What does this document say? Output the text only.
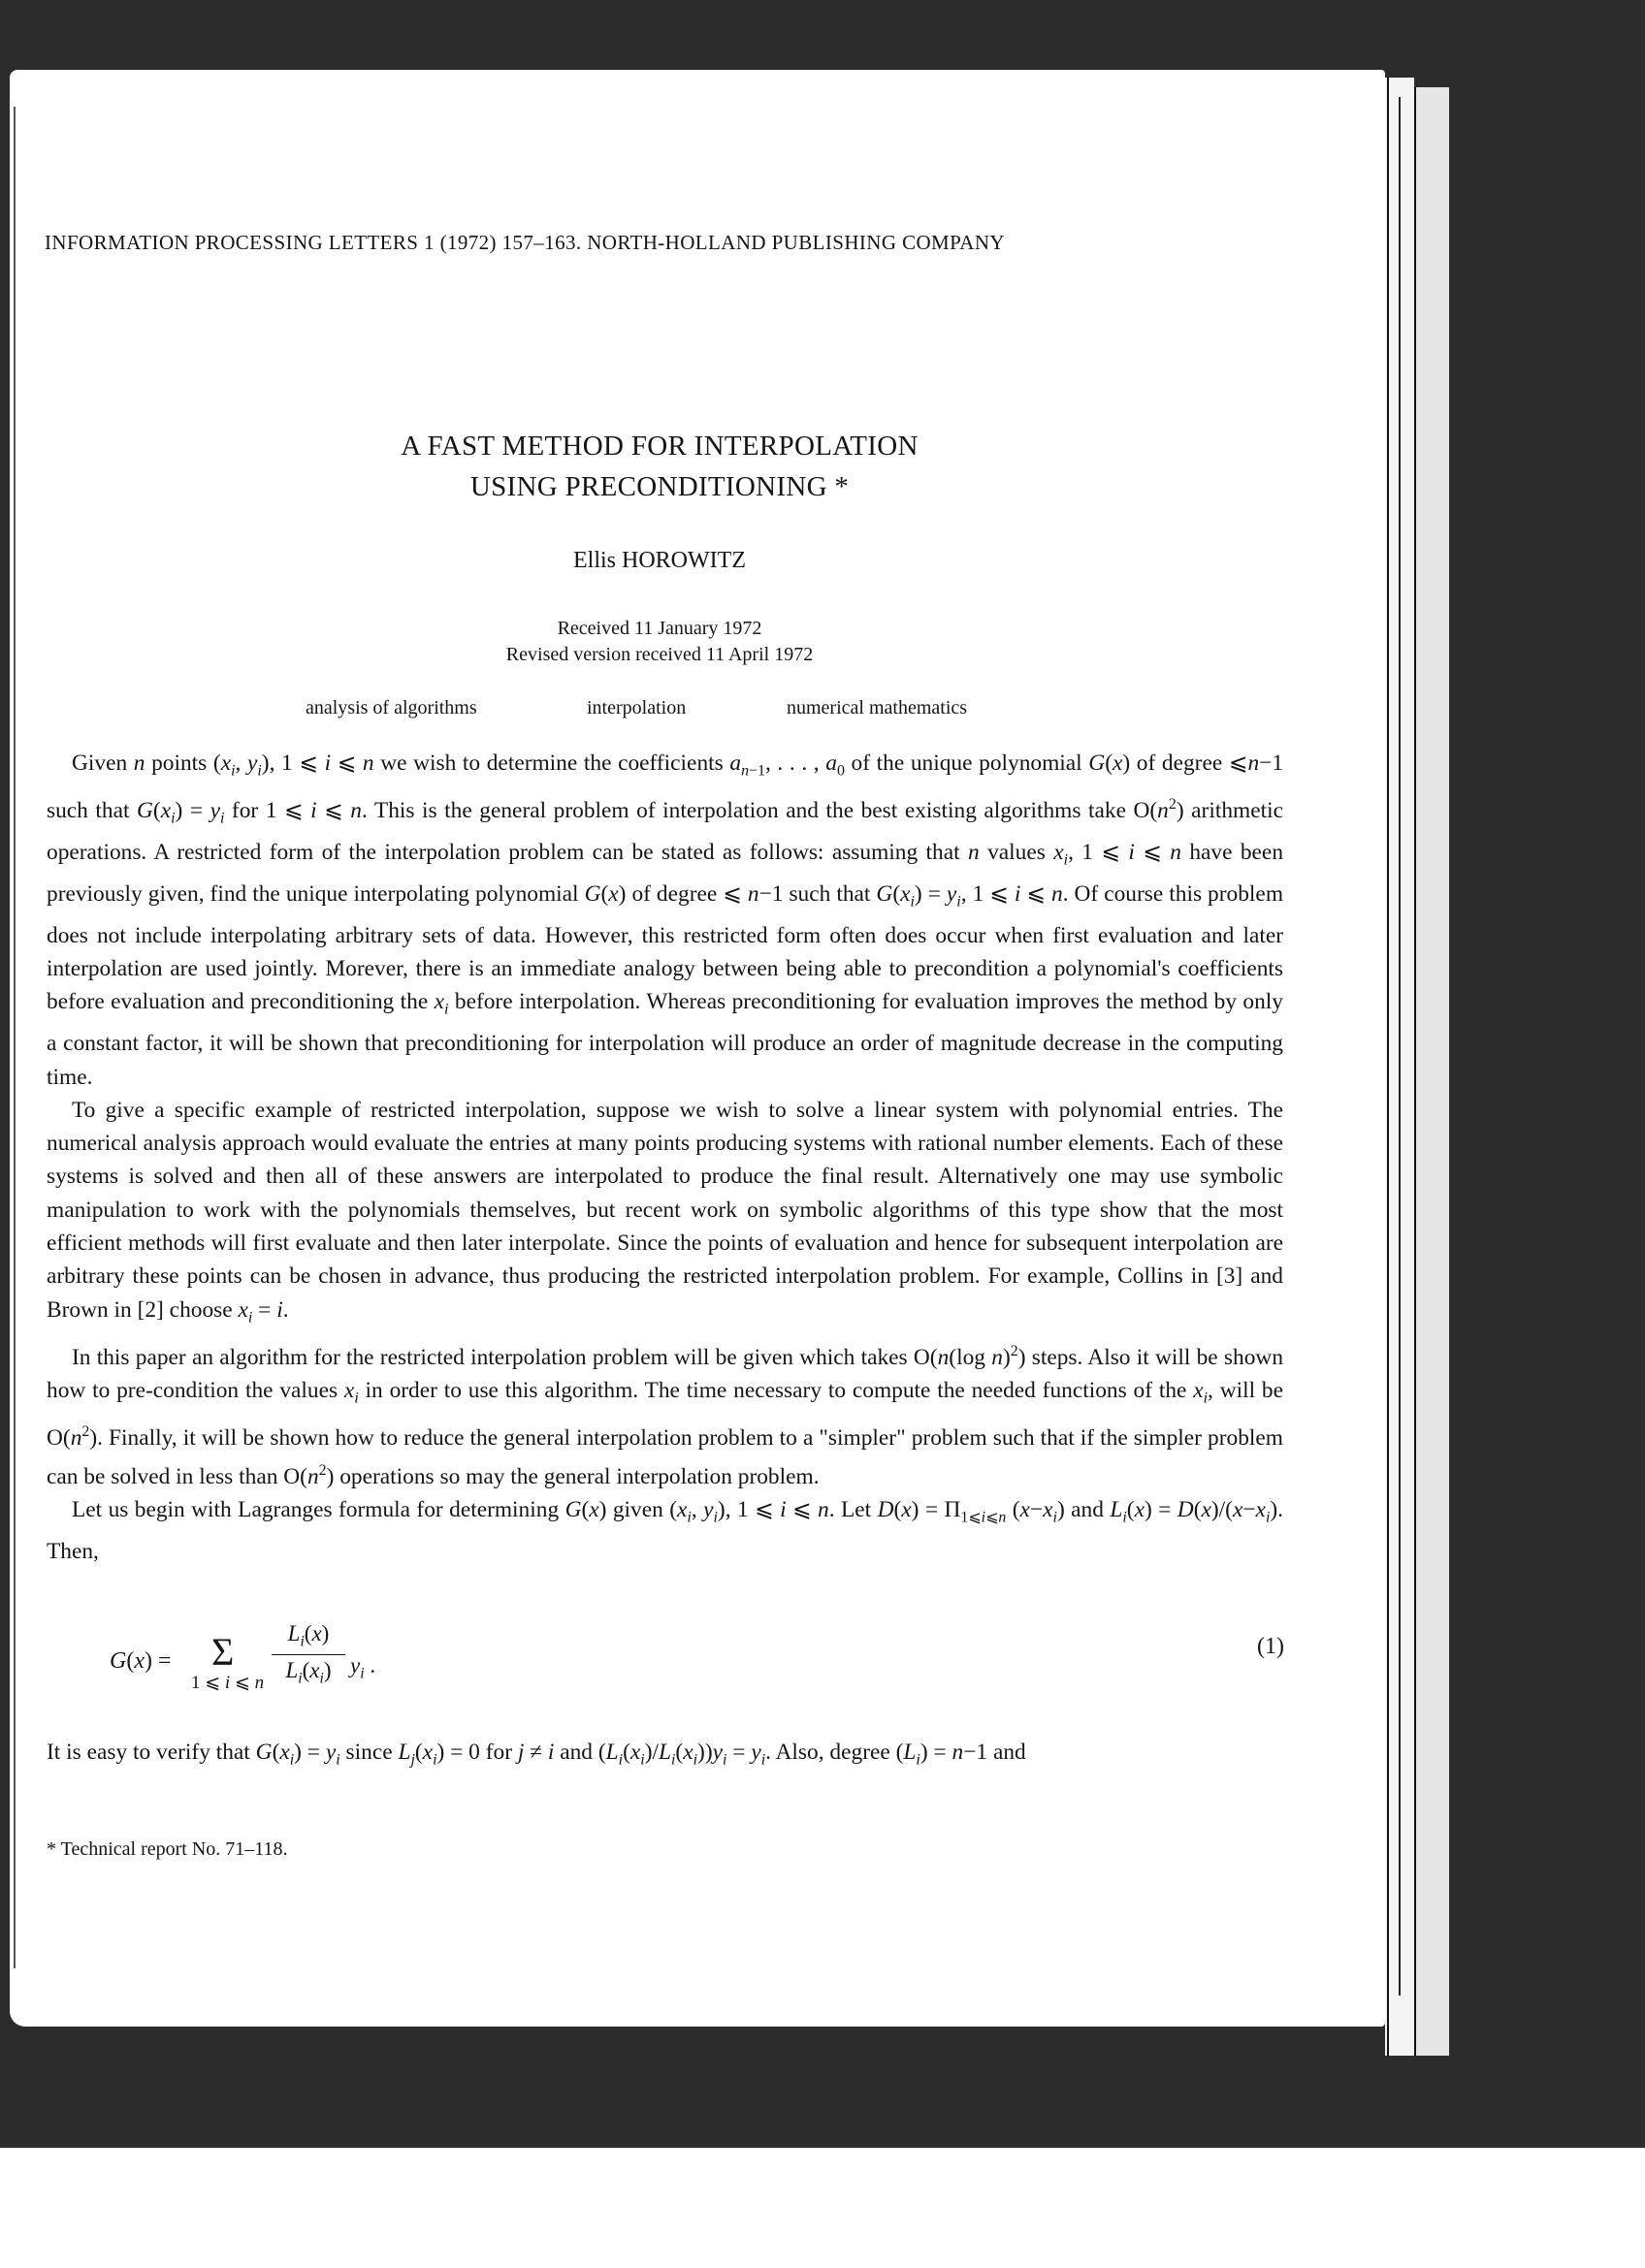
INFORMATION PROCESSING LETTERS 1 (1972) 157–163. NORTH-HOLLAND PUBLISHING COMPANY
A FAST METHOD FOR INTERPOLATION
USING PRECONDITIONING *
Ellis HOROWITZ
Received 11 January 1972
Revised version received 11 April 1972
analysis of algorithms	interpolation	numerical mathematics

Given n points ($x_i$, $y_i$), 1 ⩽ i ⩽ n we wish to determine the coefficients $a_{n-1}$, . . . , $a_0$ of the unique polynomial G(x) of degree ⩽n−1 such that $G(x_i) = y_i$ for 1 ⩽ i ⩽ n. This is the general problem of interpolation and the best existing algorithms take $O(n^2)$ arithmetic operations. A restricted form of the interpolation problem can be stated as follows: assuming that n values $x_i$, 1 ⩽ i ⩽ n have been previously given, find the unique interpolating polynomial G(x) of degree ⩽ n−1 such that $G(x_i) = y_i$, 1 ⩽ i ⩽ n. Of course this problem does not include interpolating arbitrary sets of data. However, this restricted form often does occur when first evaluation and later interpolation are used jointly. Morever, there is an immediate analogy between being able to precondition a polynomial's coefficients before evaluation and preconditioning the $x_i$ before interpolation. Whereas preconditioning for evaluation improves the method by only a constant factor, it will be shown that preconditioning for interpolation will produce an order of magnitude decrease in the computing time.

To give a specific example of restricted interpolation, suppose we wish to solve a linear system with polynomial entries. The numerical analysis approach would evaluate the entries at many points producing systems with rational number elements. Each of these systems is solved and then all of these answers are interpolated to produce the final result. Alternatively one may use symbolic manipulation to work with the polynomials themselves, but recent work on symbolic algorithms of this type show that the most efficient methods will first evaluate and then later interpolate. Since the points of evaluation and hence for subsequent interpolation are arbitrary these points can be chosen in advance, thus producing the restricted interpolation problem. For example, Collins in [3] and Brown in [2] choose $x_i = i$.

In this paper an algorithm for the restricted interpolation problem will be given which takes O(n(log n)$^2$) steps. Also it will be shown how to pre-condition the values $x_i$ in order to use this algorithm. The time necessary to compute the needed functions of the $x_i$, will be $O(n^2)$. Finally, it will be shown how to reduce the general interpolation problem to a "simpler" problem such that if the simpler problem can be solved in less than $O(n^2)$ operations so may the general interpolation problem.

Let us begin with Lagranges formula for determining G(x) given ($x_i$, $y_i$), 1 ⩽ i ⩽ n. Let $D(x) = \Pi_{1⩽i⩽n}$ $(x-x_i)$ and $L_i(x) = D(x)/(x-x_i)$. Then,

G(x) = Σ
1 ⩽ i ⩽ n $\frac{L_i(x)}{L_i(x_i)} y_i$ .
(1)
It is easy to verify that $G(x_i) = y_i$ since $L_j(x_i) = 0$ for j ≠ i and $(L_i(x_i)/L_i(x_i))y_i = y_i$. Also, degree $(L_i) = n-1$ and
* Technical report No. 71–118.
